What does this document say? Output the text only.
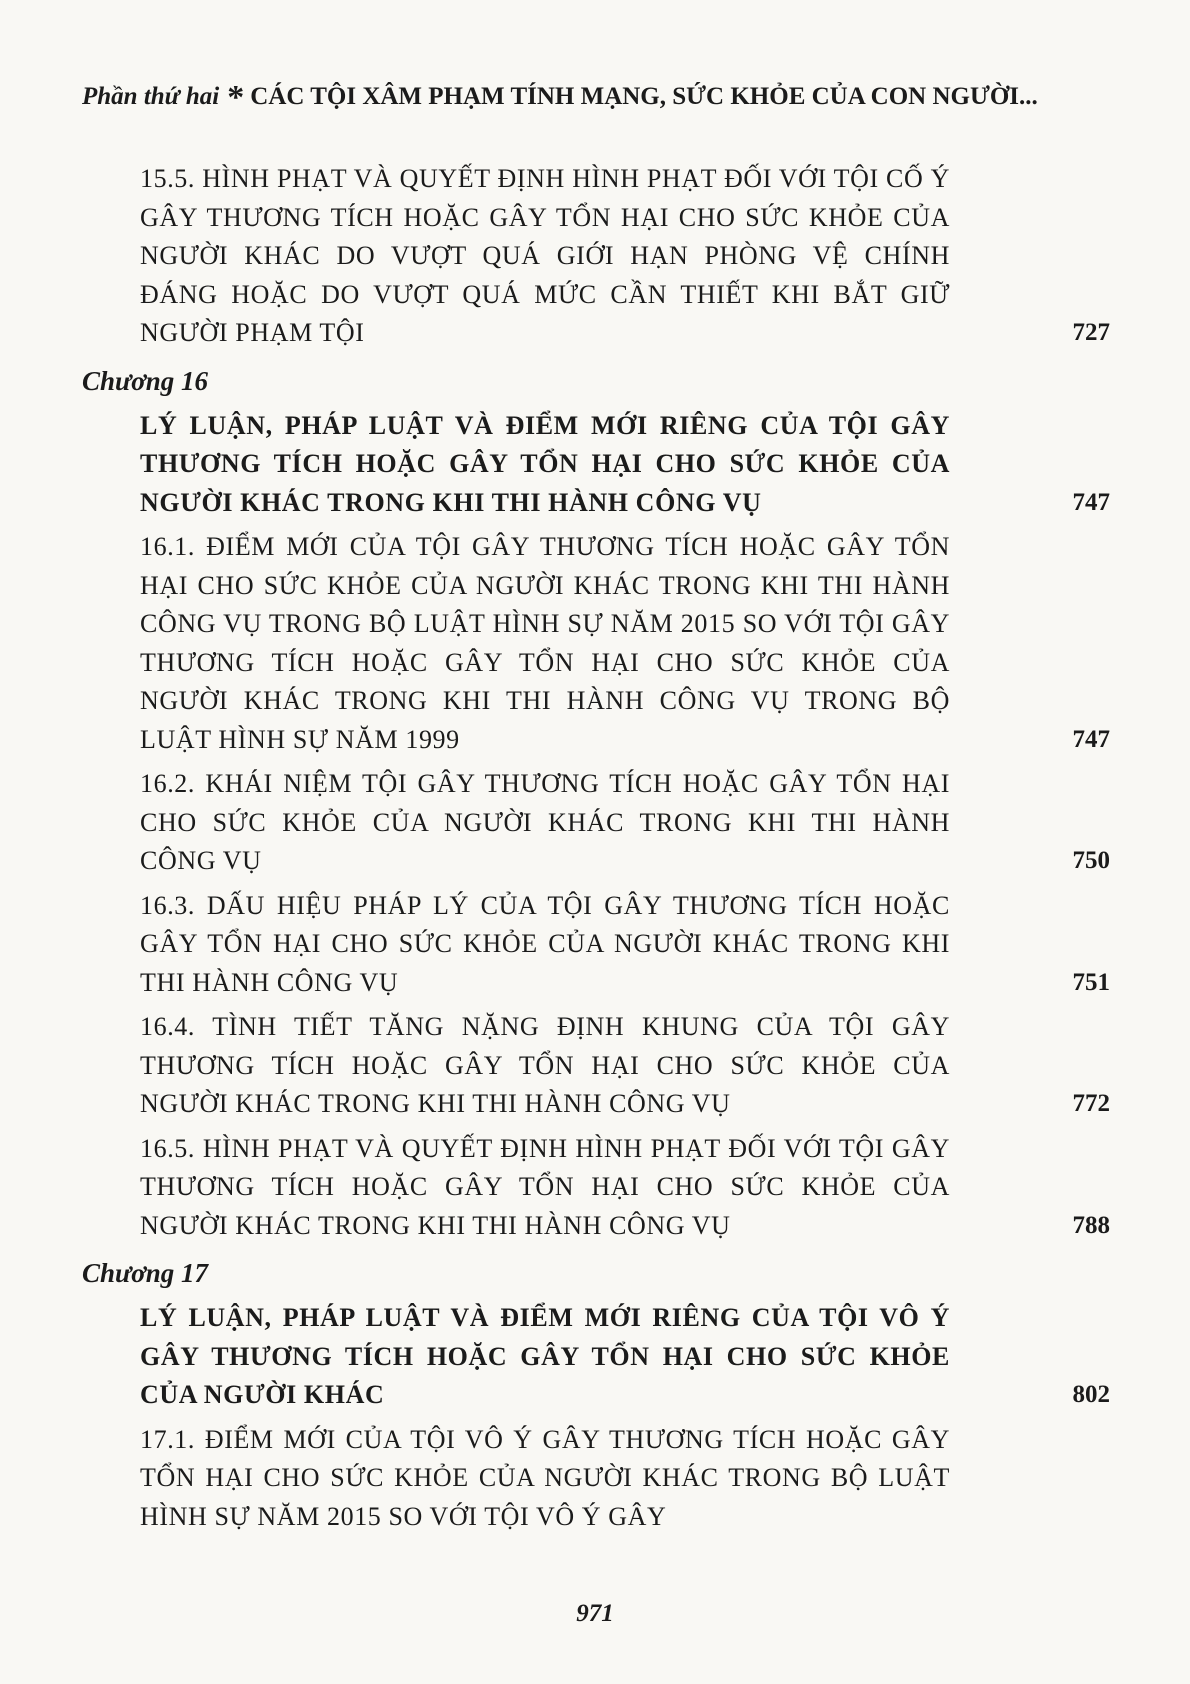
Phần thứ hai * CÁC TỘI XÂM PHẠM TÍNH MẠNG, SỨC KHỎE CỦA CON NGƯỜI...
15.5. HÌNH PHẠT VÀ QUYẾT ĐỊNH HÌNH PHẠT ĐỐI VỚI TỘI CỐ Ý GÂY THƯƠNG TÍCH HOẶC GÂY TỔN HẠI CHO SỨC KHỎE CỦA NGƯỜI KHÁC DO VƯỢT QUÁ GIỚI HẠN PHÒNG VỆ CHÍNH ĐÁNG HOẶC DO VƯỢT QUÁ MỨC CẦN THIẾT KHI BẮT GIỮ NGƯỜI PHẠM TỘI	727
Chương 16
LÝ LUẬN, PHÁP LUẬT VÀ ĐIỂM MỚI RIÊNG CỦA TỘI GÂY THƯƠNG TÍCH HOẶC GÂY TỔN HẠI CHO SỨC KHỎE CỦA NGƯỜI KHÁC TRONG KHI THI HÀNH CÔNG VỤ	747
16.1. ĐIỂM MỚI CỦA TỘI GÂY THƯƠNG TÍCH HOẶC GÂY TỔN HẠI CHO SỨC KHỎE CỦA NGƯỜI KHÁC TRONG KHI THI HÀNH CÔNG VỤ TRONG BỘ LUẬT HÌNH SỰ NĂM 2015 SO VỚI TỘI GÂY THƯƠNG TÍCH HOẶC GÂY TỔN HẠI CHO SỨC KHỎE CỦA NGƯỜI KHÁC TRONG KHI THI HÀNH CÔNG VỤ TRONG BỘ LUẬT HÌNH SỰ NĂM 1999	747
16.2. KHÁI NIỆM TỘI GÂY THƯƠNG TÍCH HOẶC GÂY TỔN HẠI CHO SỨC KHỎE CỦA NGƯỜI KHÁC TRONG KHI THI HÀNH CÔNG VỤ	750
16.3. DẤU HIỆU PHÁP LÝ CỦA TỘI GÂY THƯƠNG TÍCH HOẶC GÂY TỔN HẠI CHO SỨC KHỎE CỦA NGƯỜI KHÁC TRONG KHI THI HÀNH CÔNG VỤ	751
16.4. TÌNH TIẾT TĂNG NẶNG ĐỊNH KHUNG CỦA TỘI GÂY THƯƠNG TÍCH HOẶC GÂY TỔN HẠI CHO SỨC KHỎE CỦA NGƯỜI KHÁC TRONG KHI THI HÀNH CÔNG VỤ	772
16.5. HÌNH PHẠT VÀ QUYẾT ĐỊNH HÌNH PHẠT ĐỐI VỚI TỘI GÂY THƯƠNG TÍCH HOẶC GÂY TỔN HẠI CHO SỨC KHỎE CỦA NGƯỜI KHÁC TRONG KHI THI HÀNH CÔNG VỤ	788
Chương 17
LÝ LUẬN, PHÁP LUẬT VÀ ĐIỂM MỚI RIÊNG CỦA TỘI VÔ Ý GÂY THƯƠNG TÍCH HOẶC GÂY TỔN HẠI CHO SỨC KHỎE CỦA NGƯỜI KHÁC	802
17.1. ĐIỂM MỚI CỦA TỘI VÔ Ý GÂY THƯƠNG TÍCH HOẶC GÂY TỔN HẠI CHO SỨC KHỎE CỦA NGƯỜI KHÁC TRONG BỘ LUẬT HÌNH SỰ NĂM 2015 SO VỚI TỘI VÔ Ý GÂY
971
